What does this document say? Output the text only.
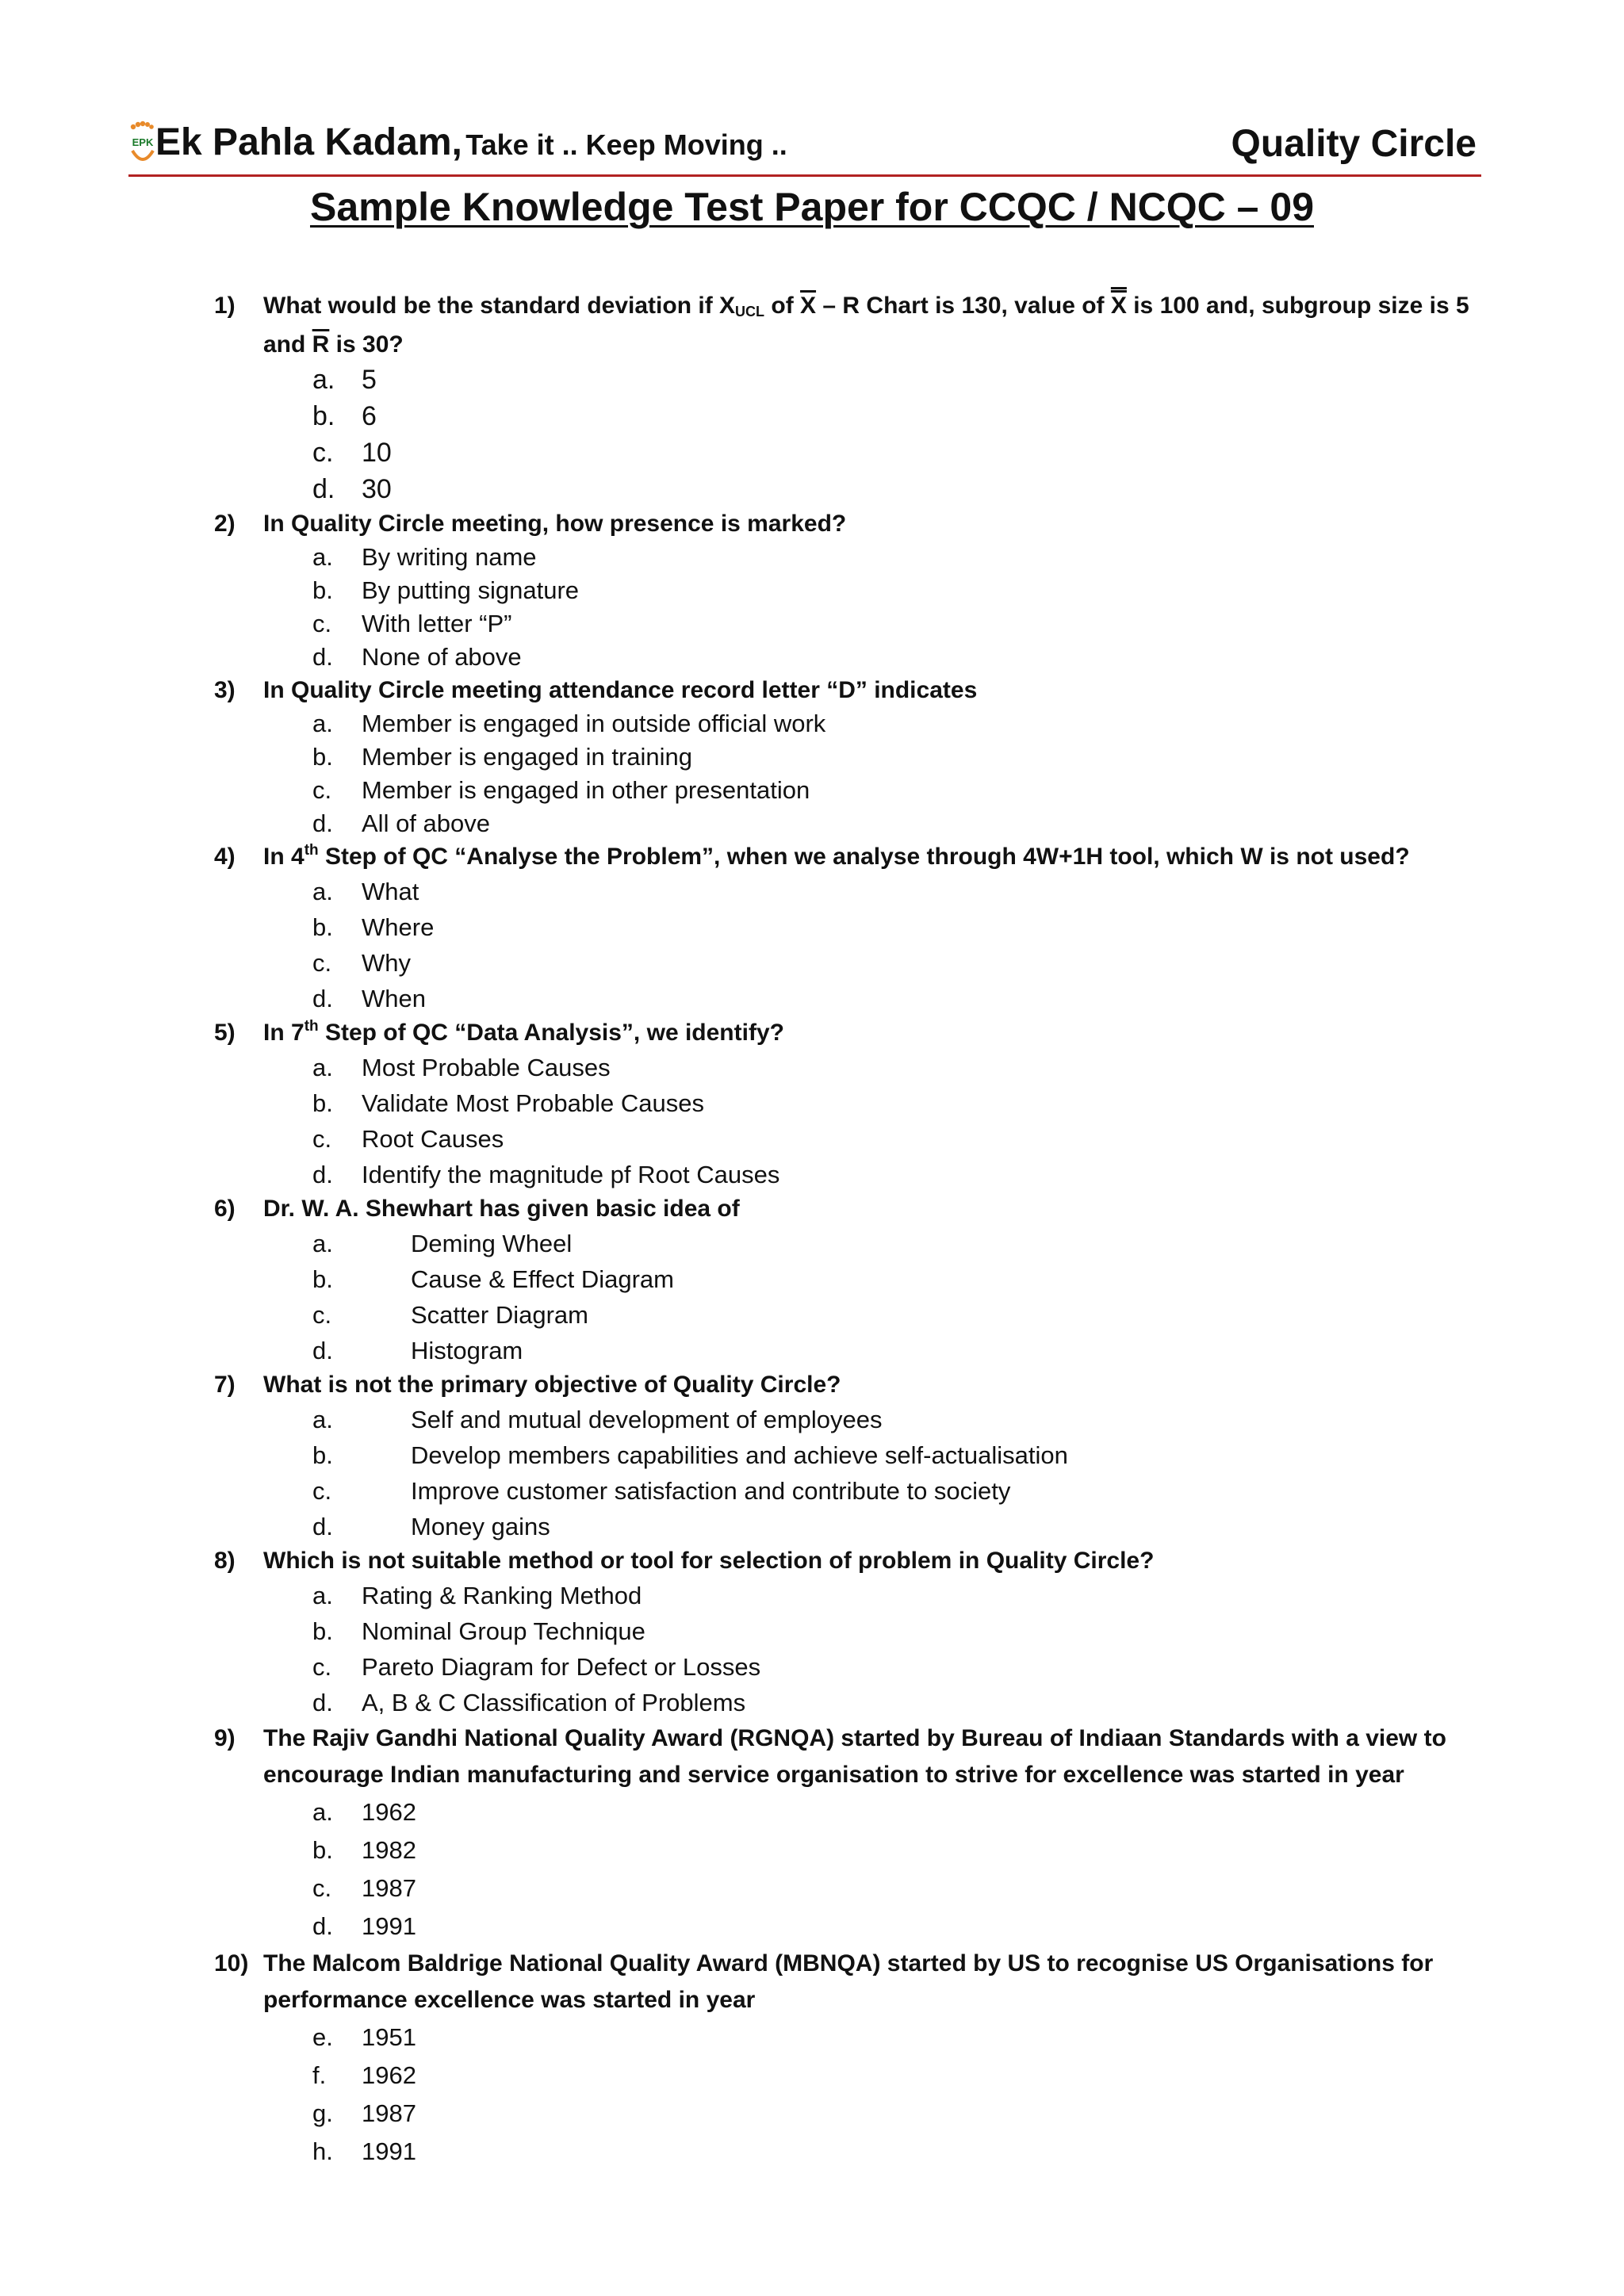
EPK Ek Pahla Kadam, Take it .. Keep Moving ..	Quality Circle
Sample Knowledge Test Paper for CCQC / NCQC – 09
1) What would be the standard deviation if $X_{UCL}$ of $\overline{X}$ – R Chart is 130, value of X is 100 and, subgroup size is 5
and $\overline{R}$ is 30?
a. 5
b. 6
c. 10
d. 30
2) In Quality Circle meeting, how presence is marked?
a. By writing name
b. By putting signature
c. With letter “P”
d. None of above
3) In Quality Circle meeting attendance record letter “D” indicates
a. Member is engaged in outside official work
b. Member is engaged in training
c. Member is engaged in other presentation
d. All of above
4) In 4th Step of QC “Analyse the Problem”, when we analyse through 4W+1H tool, which W is not used?
a. What
b. Where
c. Why
d. When
5) In 7th Step of QC “Data Analysis”, we identify?
a. Most Probable Causes
b. Validate Most Probable Causes
c. Root Causes
d. Identify the magnitude pf Root Causes
6) Dr. W. A. Shewhart has given basic idea of
a.	Deming Wheel
b.	Cause & Effect Diagram
c.	Scatter Diagram
d.	Histogram
7) What is not the primary objective of Quality Circle?
a.	Self and mutual development of employees
b.	Develop members capabilities and achieve self-actualisation
c.	Improve customer satisfaction and contribute to society
d.	Money gains
8) Which is not suitable method or tool for selection of problem in Quality Circle?
a. Rating & Ranking Method
b. Nominal Group Technique
c. Pareto Diagram for Defect or Losses
d. A, B & C Classification of Problems
9) The Rajiv Gandhi National Quality Award (RGNQA) started by Bureau of Indiaan Standards with a view to
encourage Indian manufacturing and service organisation to strive for excellence was started in year
a. 1962
b. 1982
c. 1987
d. 1991
10) The Malcom Baldrige National Quality Award (MBNQA) started by US to recognise US Organisations for
performance excellence was started in year
e. 1951
f. 1962
g. 1987
h. 1991
